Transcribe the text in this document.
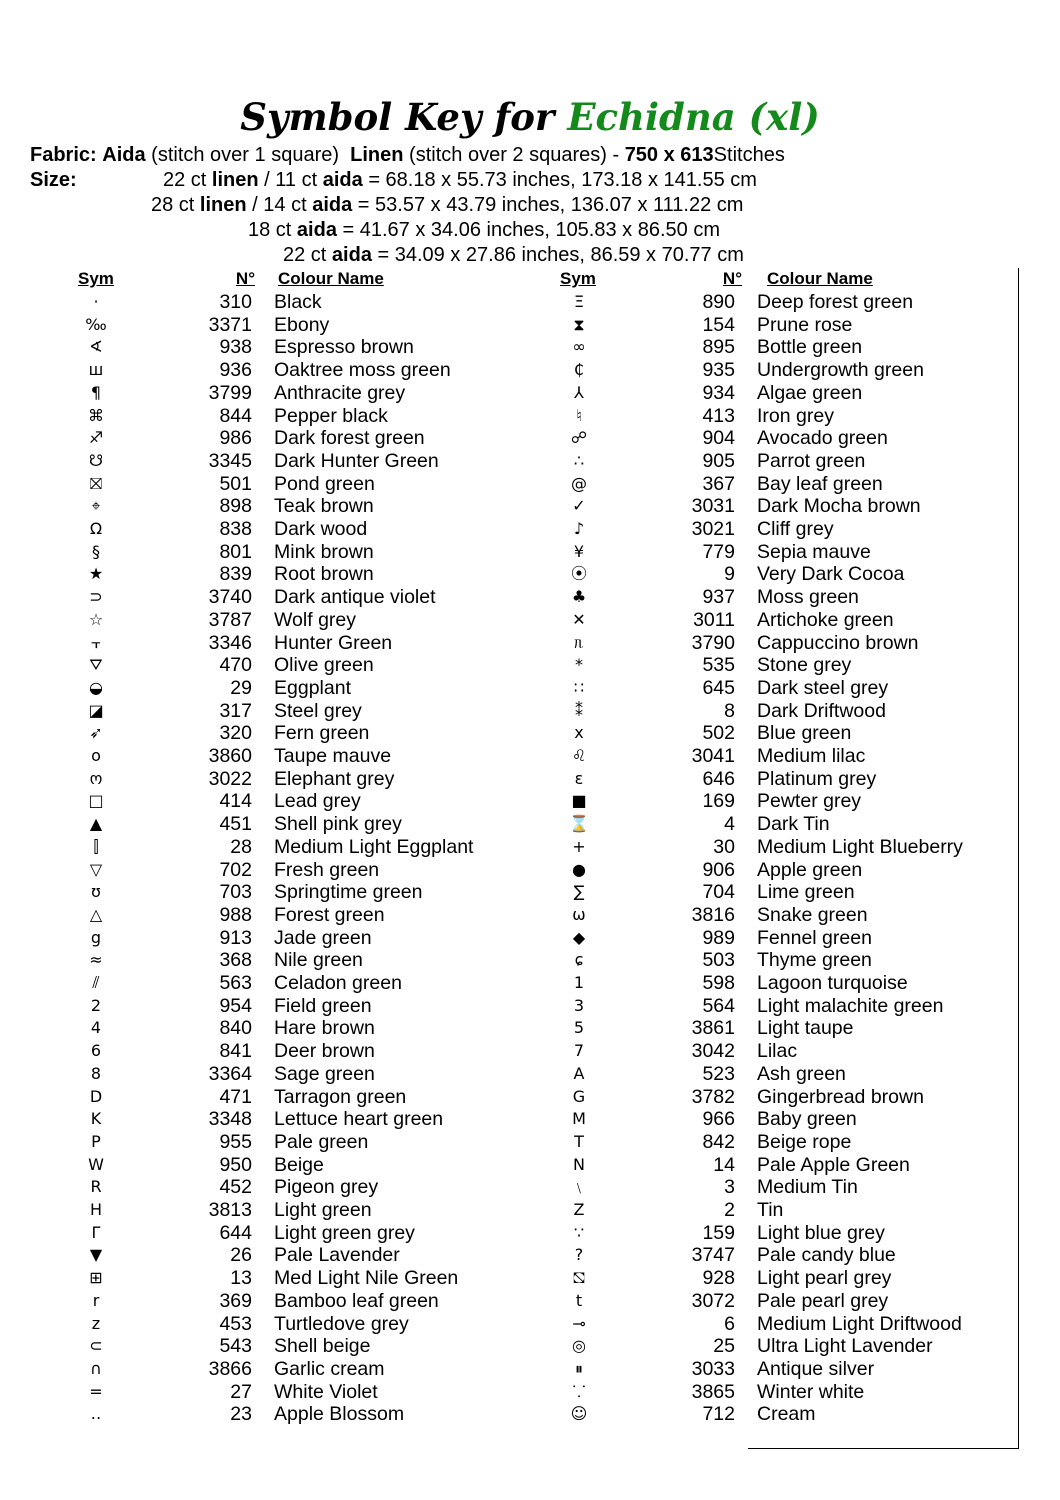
Symbol Key for Echidna (xl)
Fabric: Aida (stitch over 1 square) Linen (stitch over 2 squares) - 750 x 613Stitches
Size:	22 ct linen / 11 ct aida = 68.18 x 55.73 inches, 173.18 x 141.55 cm
28 ct linen / 14 ct aida = 53.57 x 43.79 inches, 136.07 x 111.22 cm
18 ct aida = 41.67 x 34.06 inches, 105.83 x 86.50 cm
22 ct aida = 34.09 x 27.86 inches, 86.59 x 70.77 cm
Sym	N° Colour Name	Sym	N° Colour Name
·	310 Black
‰	3371 Ebony
∢	938 Espresso brown
ш	936 Oaktree moss green
¶	3799 Anthracite grey
⌘	844 Pepper black
♐	986 Dark forest green
☋	3345 Dark Hunter Green
⛝	501 Pond green
⌖	898 Teak brown
Ω	838 Dark wood
§	801 Mink brown
★	839 Root brown
⊃	3740 Dark antique violet
☆	3787 Wolf grey
⫟	3346 Hunter Green
⛛	470 Olive green
◒	29 Eggplant
◪	317 Steel grey
➶	320 Fern green
o	3860 Taupe mauve
ო	3022 Elephant grey
□	414 Lead grey
▲	451 Shell pink grey
⫿	28 Medium Light Eggplant
▽	702 Fresh green
ʊ	703 Springtime green
△	988 Forest green
g	913 Jade green
≈	368 Nile green
⫽	563 Celadon green
2	954 Field green
4	840 Hare brown
6	841 Deer brown
8	3364 Sage green
D	471 Tarragon green
K	3348 Lettuce heart green
P	955 Pale green
W	950 Beige
R	452 Pigeon grey
H	3813 Light green
Γ	644 Light green grey
▼	26 Pale Lavender
⊞	13 Med Light Nile Green
r	369 Bamboo leaf green
z	453 Turtledove grey
⊂	543 Shell beige
∩	3866 Garlic cream
=	27 White Violet
‥	23 Apple Blossom
Ξ	890 Deep forest green
⧗	154 Prune rose
∞	895 Bottle green
₵	935 Undergrowth green
⅄	934 Algae green
♮	413 Iron grey
☍	904 Avocado green
∴	905 Parrot green
@	367 Bay leaf green
✓	3031 Dark Mocha brown
♪	3021 Cliff grey
¥	779 Sepia mauve
⦿	9 Very Dark Cocoa
♣	937 Moss green
✕	3011 Artichoke green
ᥰ	3790 Cappuccino brown
*	535 Stone grey
∷	645 Dark steel grey
⁑	8 Dark Driftwood
x	502 Blue green
♌	3041 Medium lilac
ε	646 Platinum grey
■	169 Pewter grey
⌛	4 Dark Tin
+	30 Medium Light Blueberry
●	906 Apple green
∑	704 Lime green
ω	3816 Snake green
◆	989 Fennel green
ɕ	503 Thyme green
1	598 Lagoon turquoise
3	564 Light malachite green
5	3861 Light taupe
7	3042 Lilac
A	523 Ash green
G	3782 Gingerbread brown
M	966 Baby green
T	842 Beige rope
N	14 Pale Apple Green
﹨	3 Medium Tin
Z	2 Tin
∵	159 Light blue grey
?	3747 Pale candy blue
⛞	928 Light pearl grey
t	3072 Pale pearl grey
⊸	6 Medium Light Driftwood
◎	25 Ultra Light Lavender
⏸	3033 Antique silver
⸪	3865 Winter white
☺	712 Cream
